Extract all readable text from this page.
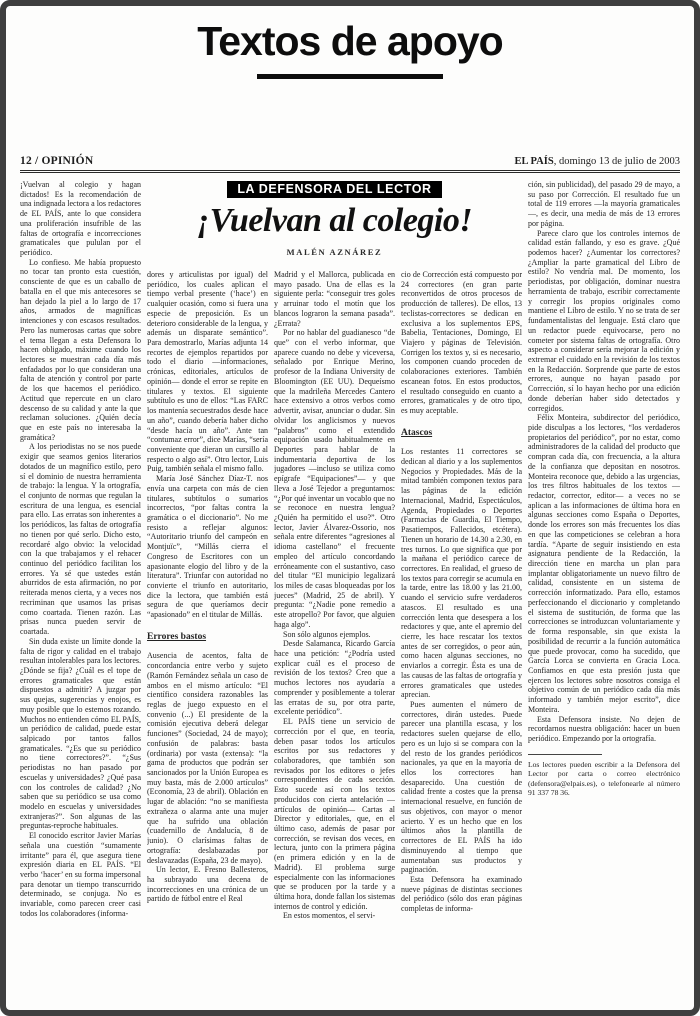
Textos de apoyo
12 / OPINIÓN	EL PAÍS, domingo 13 de julio de 2003

¡Vuelvan al colegio y hagan dictados! Es la recomendación de una indignada lectora a los redactores de EL PAÍS, ante lo que considera una proliferación insufrible de las faltas de ortografía e incorrecciones gramaticales que pululan por el periódico.

Lo confieso. Me había propuesto no tocar tan pronto esta cuestión, consciente de que es un caballo de batalla en el que mis antecesores se han dejado la piel a lo largo de 17 años, armados de magníficas intenciones y con escasos resultados. Pero las numerosas cartas que sobre el tema llegan a esta Defensora lo hacen obligado, máxime cuando los lectores se muestran cada día más enfadados por lo que consideran una falta de atención y control por parte de los que hacemos el periódico. Actitud que repercute en un claro descenso de su calidad y ante la que reclaman soluciones. ¿Quién decía que en este país no interesaba la gramática?

A los periodistas no se nos puede exigir que seamos genios literarios dotados de un magnífico estilo, pero sí el dominio de nuestra herramienta de trabajo: la lengua. Y la ortografía, el conjunto de normas que regulan la escritura de una lengua, es esencial para ello. Las erratas son inherentes a los periódicos, las faltas de ortografía no tienen por qué serlo. Dicho esto, recordaré algo obvio: la velocidad con la que trabajamos y el rehacer continuo del periódico facilitan los errores. Ya sé que ustedes están aburridos de esta afirmación, no por reiterada menos cierta, y a veces nos recriminan que usamos las prisas como coartada. Tienen razón. Las prisas nunca pueden servir de coartada.

Sin duda existe un límite donde la falta de rigor y calidad en el trabajo resultan intolerables para los lectores. ¿Dónde se fija? ¿Cuál es el tope de errores gramaticales que están dispuestos a admitir? A juzgar por sus quejas, sugerencias y enojos, es muy posible que lo estemos rozando. Muchos no entienden cómo EL PAÍS, un periódico de calidad, puede estar salpicado por tantos fallos gramaticales. “¿Es que su periódico no tiene correctores?”. “¿Sus periodistas no han pasado por escuelas y universidades? ¿Qué pasa con los controles de calidad? ¿No saben que su periódico se usa como modelo en escuelas y universidades extranjeras?”. Son algunas de las preguntas-reproche habituales.

El conocido escritor Javier Marías señala una cuestión “sumamente irritante” para él, que asegura tiene expresión diaria en EL PAÍS. “El verbo ‘hacer’ en su forma impersonal para denotar un tiempo transcurrido determinado, se conjuga. No es invariable, como parecen creer casi todos los colaboradores (informa-

LA DEFENSORA DEL LECTOR
¡Vuelvan al colegio!
MALÉN AZNÁREZ

dores y articulistas por igual) del periódico, los cuales aplican el tiempo verbal presente (‘hace’) en cualquier ocasión, como si fuera una especie de preposición. Es un deterioro considerable de la lengua, y además un disparate semántico”. Para demostrarlo, Marías adjunta 14 recortes de ejemplos repartidos por todo el diario —informaciones, crónicas, editoriales, artículos de opinión— donde el error se repite en titulares y textos. El siguiente subtítulo es uno de ellos: “Las FARC los mantenía secuestrados desde hace un año”, cuando debería haber dicho “desde hacía un año”. Ante tan “contumaz error”, dice Marías, “sería conveniente que dieran un cursillo al respecto o algo así”. Otro lector, Luis Puig, también señala el mismo fallo.

María José Sánchez Díaz-T. nos envía una carpeta con más de cien titulares, subtítulos o sumarios incorrectos, “por faltas contra la gramática o el diccionario”. No me resisto a reflejar algunos: “Autoritario triunfo del campeón en Montjuïc”, “Millás cierra el Congreso de Escritores con un apasionante elogio del libro y de la literatura”. Triunfar con autoridad no convierte el triunfo en autoritario, dice la lectora, que también está segura de que queríamos decir “apasionado” en el titular de Millás.

Errores bastos

Ausencia de acentos, falta de concordancia entre verbo y sujeto (Ramón Fernández señala un caso de ambos en el mismo artículo: “El científico considera razonables las reglas de juego expuesto en el convenio (...) El presidente de la comisión ejecutiva deberá delegar funciones” (Sociedad, 24 de mayo); confusión de palabras: basta (ordinaria) por vasta (extensa): “la gama de productos que podrán ser sancionados por la Unión Europea es muy basta, más de 2.000 artículos” (Economía, 23 de abril). Oblación en lugar de ablación: “no se manifiesta extrañeza o alarma ante una mujer que ha sufrido una oblación (cuadernillo de Andalucía, 8 de junio). O clarísimas faltas de ortografía: deslabazadas por deslavazadas (España, 23 de mayo).

Un lector, E. Fresno Ballesteros, ha subrayado una decena de incorrecciones en una crónica de un partido de fútbol entre el Real

Madrid y el Mallorca, publicada en mayo pasado. Una de ellas es la siguiente perla: “conseguir tres goles y arruinar todo el motín que los blancos lograron la semana pasada”. ¿Errata?

Por no hablar del guadianesco “de que” con el verbo informar, que aparece cuando no debe y viceversa, señalado por Enrique Merino, profesor de la Indiana University de Bloomington (EE UU). Dequeísmo que la madrileña Mercedes Cantero hace extensivo a otros verbos como advertir, avisar, anunciar o dudar. Sin olvidar los anglicismos y nuevos “palabros” como el extendido equipación usado habitualmente en Deportes para hablar de la indumentaria deportiva de los jugadores —incluso se utiliza como epígrafe “Equipaciones”— y que lleva a José Tejedor a preguntarnos: “¿Por qué inventar un vocablo que no se reconoce en nuestra lengua? ¿Quién ha permitido el uso?”. Otro lector, Javier Álvarez-Ossorio, nos señala entre diferentes “agresiones al idioma castellano” el frecuente empleo del artículo concordando erróneamente con el sustantivo, caso del titular “El municipio legalizará los miles de casas bloqueadas por los jueces” (Madrid, 25 de abril). Y pregunta: “¿Nadie pone remedio a este atropello? Por favor, que alguien haga algo”.

Son sólo algunos ejemplos.

Desde Salamanca, Ricardo García hace una petición: “¿Podría usted explicar cuál es el proceso de revisión de los textos? Creo que a muchos lectores nos ayudaría a comprender y posiblemente a tolerar las erratas de su, por otra parte, excelente periódico”.

EL PAÍS tiene un servicio de corrección por el que, en teoría, deben pasar todos los artículos escritos por sus redactores y colaboradores, que también son revisados por los editores o jefes correspondientes de cada sección. Esto sucede así con los textos producidos con cierta antelación —artículos de opinión— Cartas al Director y editoriales, que, en el último caso, además de pasar por corrección, se revisan dos veces, en lectura, junto con la primera página (en primera edición y en la de Madrid). El problema surge especialmente con las informaciones que se producen por la tarde y a última hora, donde fallan los sistemas internos de control y edición.

En estos momentos, el servi-

cio de Corrección está compuesto por 24 correctores (en gran parte reconvertidos de otros procesos de producción de talleres). De ellos, 13 teclistas-correctores se dedican en exclusiva a los suplementos EPS, Babelia, Tentaciones, Domingo, El Viajero y páginas de Televisión. Corrigen los textos y, si es necesario, los componen cuando proceden de colaboraciones exteriores. También escanean fotos. En estos productos, el resultado conseguido en cuanto a errores, gramaticales y de otro tipo, es muy aceptable.

Atascos

Los restantes 11 correctores se dedican al diario y a los suplementos Negocios y Propiedades. Más de la mitad también componen textos para las páginas de la edición Internacional, Madrid, Espectáculos, Agenda, Propiedades o Deportes (Farmacias de Guardia, El Tiempo, Pasatiempos, Fallecidos, etcétera). Tienen un horario de 14.30 a 2.30, en tres turnos. Lo que significa que por la mañana el periódico carece de correctores. En realidad, el grueso de los textos para corregir se acumula en la tarde, entre las 18.00 y las 21.00, cuando el servicio sufre verdaderos atascos. El resultado es una corrección lenta que desespera a los redactores y que, ante el apremio del cierre, les hace rescatar los textos antes de ser corregidos, o peor aún, como hacen algunas secciones, no enviarlos a corregir. Ésta es una de las causas de las faltas de ortografía y errores gramaticales que ustedes aprecian.

Pues aumenten el número de correctores, dirán ustedes. Puede parecer una plantilla escasa, y los redactores suelen quejarse de ello, pero es un lujo si se compara con la del resto de los grandes periódicos nacionales, ya que en la mayoría de ellos los correctores han desaparecido. Una cuestión de calidad frente a costes que la prensa internacional resuelve, en función de sus objetivos, con mayor o menor acierto. Y es un hecho que en los últimos años la plantilla de correctores de EL PAÍS ha ido disminuyendo al tiempo que aumentaban sus productos y paginación.

Esta Defensora ha examinado nueve páginas de distintas secciones del periódico (sólo dos eran páginas completas de informa-

ción, sin publicidad), del pasado 29 de mayo, a su paso por Corrección. El resultado fue un total de 119 errores —la mayoría gramaticales—, es decir, una media de más de 13 errores por página.

Parece claro que los controles internos de calidad están fallando, y eso es grave. ¿Qué podemos hacer? ¿Aumentar los correctores? ¿Ampliar la parte gramatical del Libro de estilo? No vendría mal. De momento, los periodistas, por obligación, dominar nuestra herramienta de trabajo, escribir correctamente y corregir los propios originales como mantiene el Libro de estilo. Y no se trata de ser fundamentalistas del lenguaje. Está claro que un redactor puede equivocarse, pero no cometer por sistema faltas de ortografía. Otro aspecto a considerar sería mejorar la edición y extremar el cuidado en la revisión de los textos en la Redacción. Sorprende que parte de estos errores, aunque no hayan pasado por Corrección, sí lo hayan hecho por una edición donde deberían haber sido detectados y corregidos.

Félix Monteira, subdirector del periódico, pide disculpas a los lectores, “los verdaderos propietarios del periódico”, por no estar, como administradores de la calidad del producto que compran cada día, con frecuencia, a la altura de la confianza que depositan en nosotros. Monteira reconoce que, debido a las urgencias, los tres filtros habituales de los textos —redactor, corrector, editor— a veces no se aplican a las informaciones de última hora en algunas secciones como España o Deportes, donde los errores son más frecuentes los días en que las competiciones se celebran a hora tardía. “Aparte de seguir insistiendo en esta asignatura pendiente de la Redacción, la dirección tiene en marcha un plan para implantar obligatoriamente un nuevo filtro de calidad, consistente en un sistema de corrección informatizado. Para ello, estamos perfeccionando el diccionario y completando el sistema de sustitución, de forma que las correcciones se introduzcan voluntariamente y de forma responsable, sin que exista la posibilidad de recurrir a la función automática que puede provocar, como ha sucedido, que García Lorca se convierta en Gracia Loca. Confiamos en que esta presión justa que ejercen los lectores sobre nosotros consiga el objetivo común de un periódico cada día más informado y también mejor escrito”, dice Monteira.

Esta Defensora insiste. No dejen de recordarnos nuestra obligación: hacer un buen periódico. Empezando por la ortografía.

Los lectores pueden escribir a la Defensora del Lector por carta o correo electrónico (defensora@elpais.es), o telefonearle al número 91 337 78 36.
